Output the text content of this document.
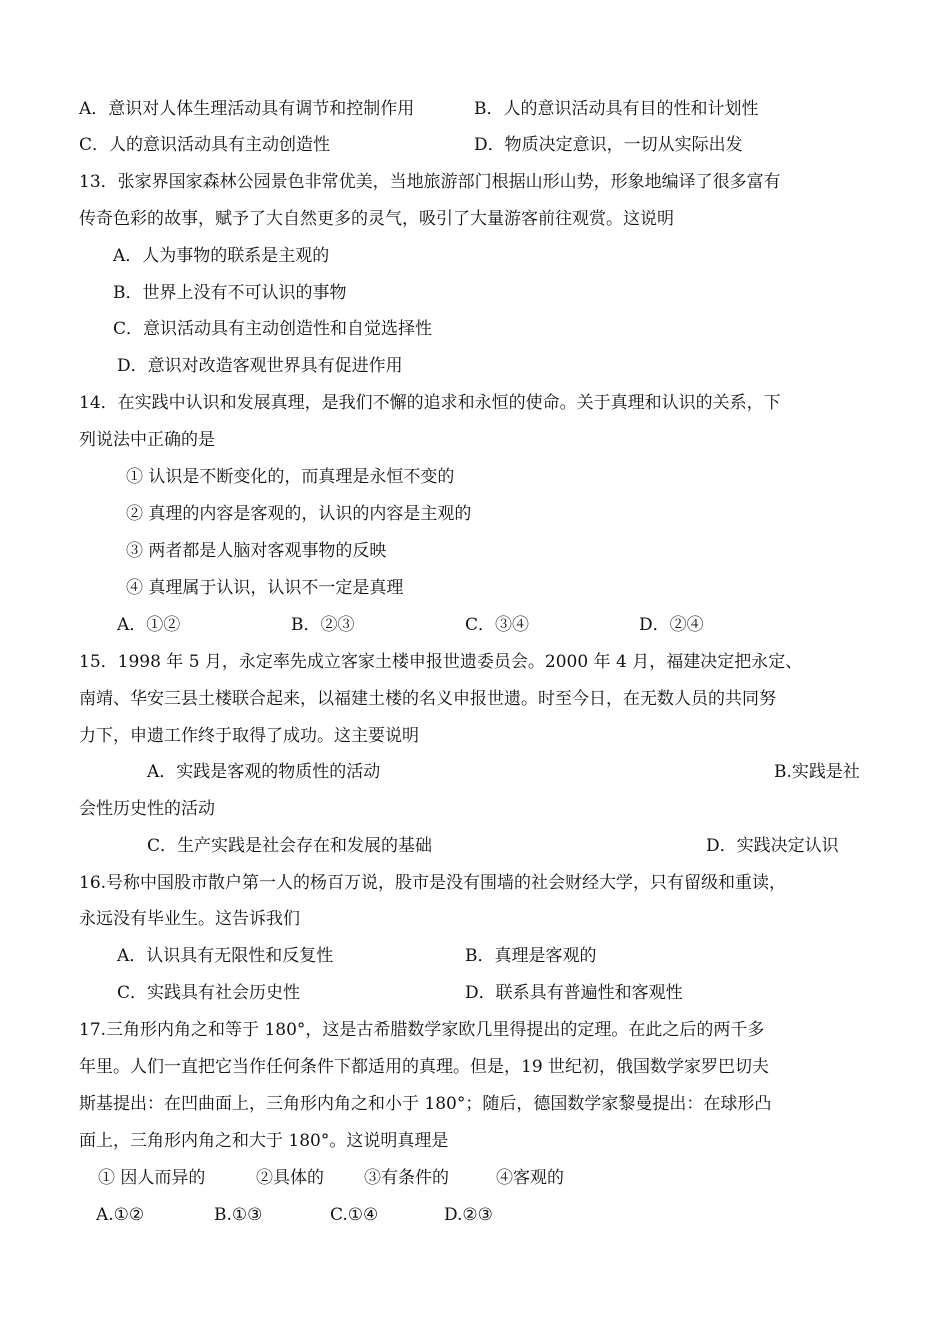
A．意识对人体生理活动具有调节和控制作用	B．人的意识活动具有目的性和计划性
C．人的意识活动具有主动创造性	D．物质决定意识，一切从实际出发
13．张家界国家森林公园景色非常优美，当地旅游部门根据山形山势，形象地编译了很多富有
传奇色彩的故事，赋予了大自然更多的灵气，吸引了大量游客前往观赏。这说明
A．人为事物的联系是主观的
B．世界上没有不可认识的事物
C．意识活动具有主动创造性和自觉选择性
D．意识对改造客观世界具有促进作用
14．在实践中认识和发展真理，是我们不懈的追求和永恒的使命。关于真理和认识的关系，下
列说法中正确的是
① 认识是不断变化的，而真理是永恒不变的
② 真理的内容是客观的，认识的内容是主观的
③ 两者都是人脑对客观事物的反映
④ 真理属于认识，认识不一定是真理
A．①②	B．②③	C．③④	D．②④
15．1998 年 5 月，永定率先成立客家土楼申报世遗委员会。2000 年 4 月，福建决定把永定、
南靖、华安三县土楼联合起来，以福建土楼的名义申报世遗。时至今日，在无数人员的共同努
力下，申遗工作终于取得了成功。这主要说明
A．实践是客观的物质性的活动	B.实践是社
会性历史性的活动
C．生产实践是社会存在和发展的基础	D．实践决定认识
16.号称中国股市散户第一人的杨百万说，股市是没有围墙的社会财经大学，只有留级和重读，
永远没有毕业生。这告诉我们
A．认识具有无限性和反复性	B．真理是客观的
C．实践具有社会历史性	D．联系具有普遍性和客观性
17.三角形内角之和等于 180°，这是古希腊数学家欧几里得提出的定理。在此之后的两千多
年里。人们一直把它当作任何条件下都适用的真理。但是，19 世纪初，俄国数学家罗巴切夫
斯基提出：在凹曲面上，三角形内角之和小于 180°；随后，德国数学家黎曼提出：在球形凸
面上，三角形内角之和大于 180°。这说明真理是
① 因人而异的	②具体的 ③有条件的	④客观的
A.①②	B.①③	C.①④	D.②③
